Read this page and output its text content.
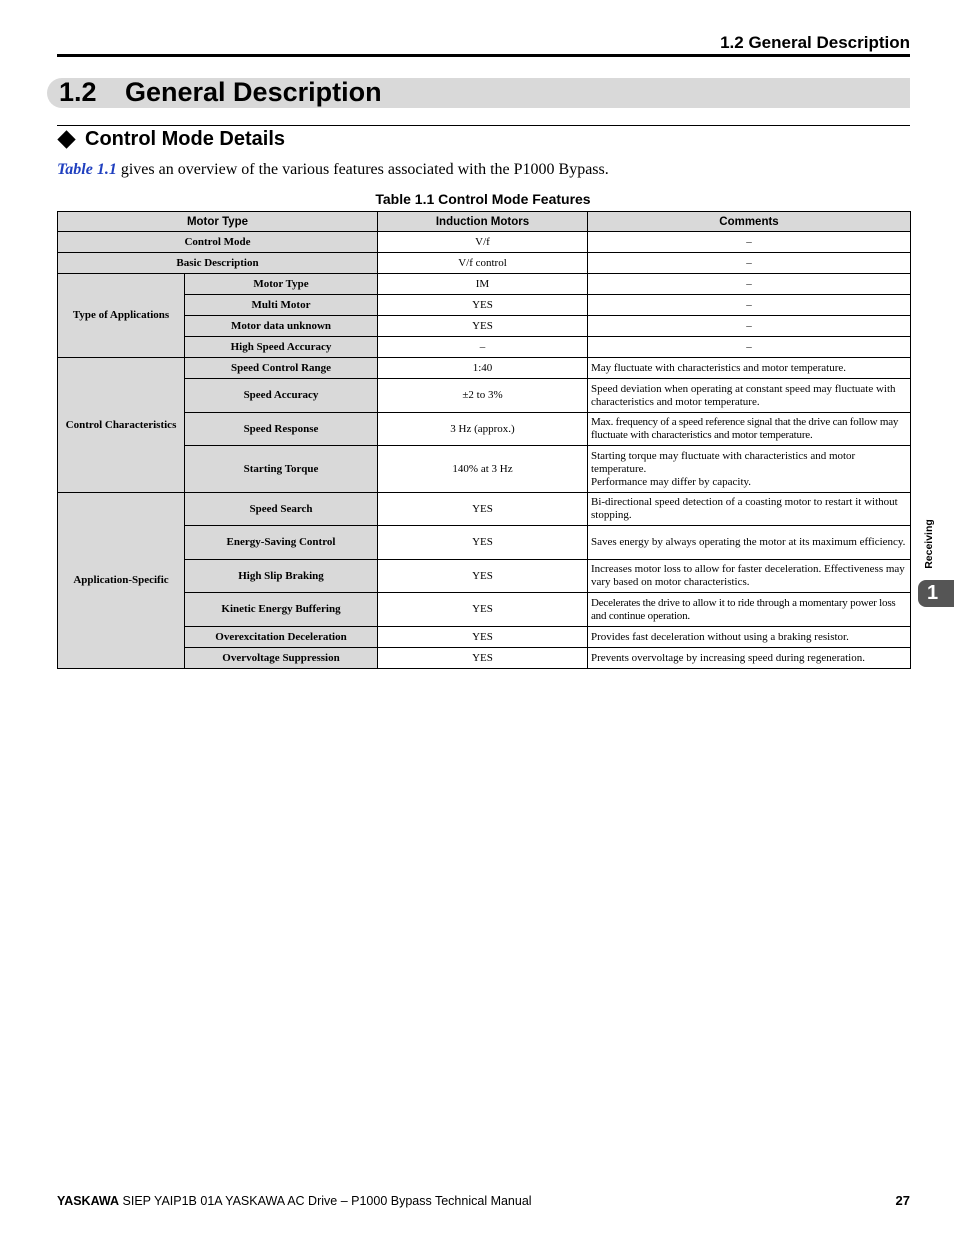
1.2 General Description
1.2 General Description
Control Mode Details
Table 1.1 gives an overview of the various features associated with the P1000 Bypass.
Table 1.1 Control Mode Features
Motor Type		Induction Motors	Comments
Control Mode		V/f	–
Basic Description		V/f control	–
Type of Applications	Motor Type	IM	–
	Multi Motor	YES	–
	Motor data unknown	YES	–
	High Speed Accuracy	–	–
Control Characteristics	Speed Control Range	1:40	May fluctuate with characteristics and motor temperature.
	Speed Accuracy	±2 to 3%	Speed deviation when operating at constant speed may fluctuate with characteristics and motor temperature.
	Speed Response	3 Hz (approx.)	Max. frequency of a speed reference signal that the drive can follow may fluctuate with characteristics and motor temperature.
	Starting Torque	140% at 3 Hz	Starting torque may fluctuate with characteristics and motor temperature.
Performance may differ by capacity.

Application-Specific	Speed Search	YES	Bi-directional speed detection of a coasting motor to restart it without stopping.
	Energy-Saving Control	YES	Saves energy by always operating the motor at its maximum efficiency.
	High Slip Braking	YES	Increases motor loss to allow for faster deceleration. Effectiveness may vary based on motor characteristics.
	Kinetic Energy Buffering	YES	Decelerates the drive to allow it to ride through a momentary power loss and continue operation.
	Overexcitation Deceleration	YES	Provides fast deceleration without using a braking resistor.
	Overvoltage Suppression	YES	Prevents overvoltage by increasing speed during regeneration.
Receiving
1
YASKAWA SIEP YAIP1B 01A YASKAWA AC Drive – P1000 Bypass Technical Manual	27
